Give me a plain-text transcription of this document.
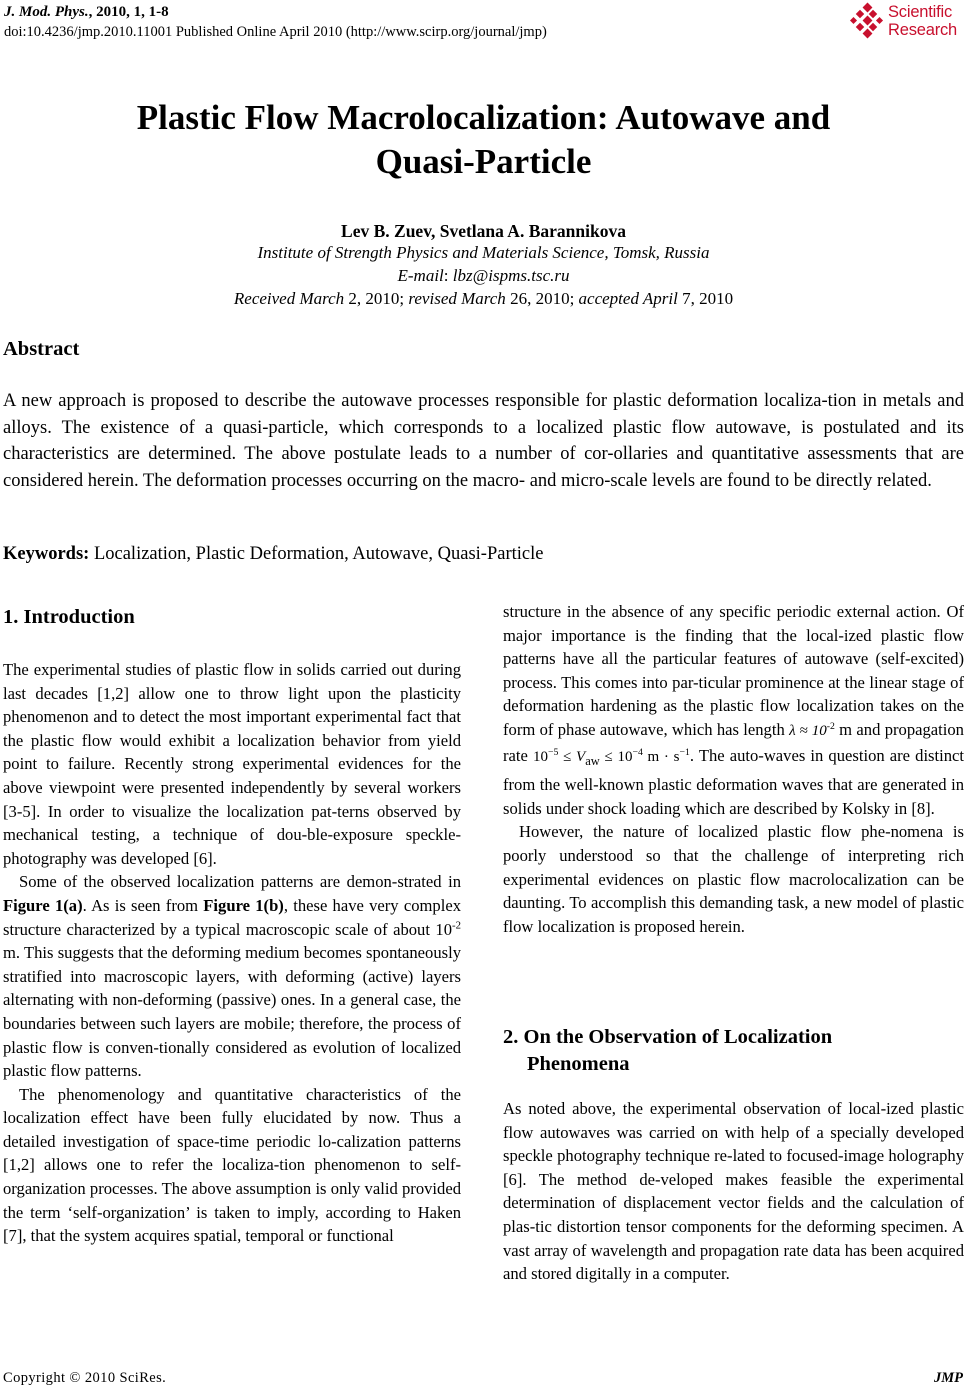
J. Mod. Phys., 2010, 1, 1-8
doi:10.4236/jmp.2010.11001 Published Online April 2010 (http://www.scirp.org/journal/jmp)
Scientific
Research
Plastic Flow Macrolocalization: Autowave and
Quasi-Particle
Lev B. Zuev, Svetlana A. Barannikova
Institute of Strength Physics and Materials Science, Tomsk, Russia
E-mail: lbz@ispms.tsc.ru
Received March 2, 2010; revised March 26, 2010; accepted April 7, 2010
Abstract
A new approach is proposed to describe the autowave processes responsible for plastic deformation localiza-tion in metals and alloys. The existence of a quasi-particle, which corresponds to a localized plastic flow autowave, is postulated and its characteristics are determined. The above postulate leads to a number of cor-ollaries and quantitative assessments that are considered herein. The deformation processes occurring on the macro- and micro-scale levels are found to be directly related.
Keywords: Localization, Plastic Deformation, Autowave, Quasi-Particle
1. Introduction

The experimental studies of plastic flow in solids carried out during last decades [1,2] allow one to throw light upon the plasticity phenomenon and to detect the most important experimental fact that the plastic flow would exhibit a localization behavior from yield point to failure. Recently strong experimental evidences for the above viewpoint were presented independently by several workers [3-5]. In order to visualize the localization pat-terns observed by mechanical testing, a technique of dou-ble-exposure speckle-photography was developed [6].

Some of the observed localization patterns are demon-strated in Figure 1(a). As is seen from Figure 1(b), these have very complex structure characterized by a typical macroscopic scale of about $10^{-2}$ m. This suggests that the deforming medium becomes spontaneously stratified into macroscopic layers, with deforming (active) layers alternating with non-deforming (passive) ones. In a general case, the boundaries between such layers are mobile; therefore, the process of plastic flow is conven-tionally considered as evolution of localized plastic flow patterns.

The phenomenology and quantitative characteristics of the localization effect have been fully elucidated by now. Thus a detailed investigation of space-time periodic lo-calization patterns [1,2] allows one to refer the localiza-tion phenomenon to self-organization processes. The above assumption is only valid provided the term ‘self-organization’ is taken to imply, according to Haken [7], that the system acquires spatial, temporal or functional

structure in the absence of any specific periodic external action. Of major importance is the finding that the local-ized plastic flow patterns have all the particular features of autowave (self-excited) process. This comes into par-ticular prominence at the linear stage of deformation hardening as the plastic flow localization takes on the form of phase autowave, which has length $\lambda \approx 10^{-2}$ m and propagation rate $10^{-5} \le V_{aw} \le 10^{-4}$ $m \cdot s^{-1}$. The auto-waves in question are distinct from the well-known plastic deformation waves that are generated in solids under shock loading which are described by Kolsky in [8].

However, the nature of localized plastic flow phe-nomena is poorly understood so that the challenge of interpreting rich experimental evidences on plastic flow macrolocalization can be daunting. To accomplish this demanding task, a new model of plastic flow localization is proposed herein.

2. On the Observation of Localization
Phenomena

As noted above, the experimental observation of local-ized plastic flow autowaves was carried on with help of a specially developed speckle photography technique re-lated to focused-image holography [6]. The method de-veloped makes feasible the experimental determination of displacement vector fields and the calculation of plas-tic distortion tensor components for the deforming specimen. A vast array of wavelength and propagation rate data has been acquired and stored digitally in a computer.

Copyright © 2010 SciRes.	JMP
